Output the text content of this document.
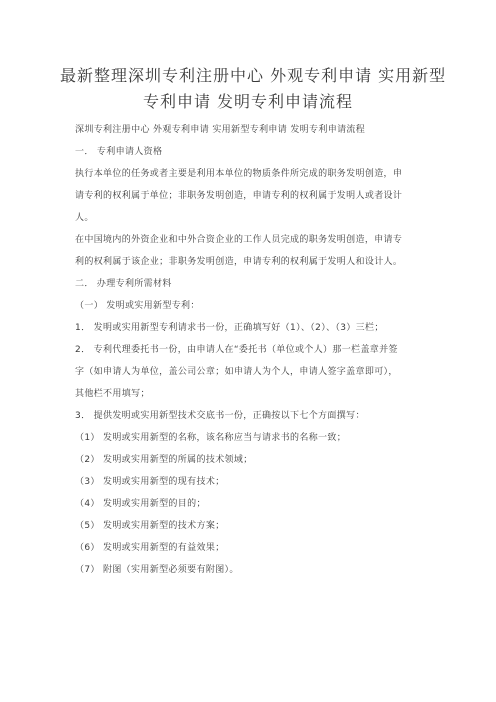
最新整理深圳专利注册中心 外观专利申请 实用新型
专利申请 发明专利申请流程
深圳专利注册中心 外观专利申请 实用新型专利申请 发明专利申请流程
一． 专利申请人资格
执行本单位的任务或者主要是利用本单位的物质条件所完成的职务发明创造，申
请专利的权利属于单位；非职务发明创造，申请专利的权利属于发明人或者设计
人。
在中国境内的外资企业和中外合资企业的工作人员完成的职务发明创造，申请专
利的权利属于该企业；非职务发明创造，申请专利的权利属于发明人和设计人。
二． 办理专利所需材料
（一） 发明或实用新型专利：
1． 发明或实用新型专利请求书一份，正确填写好（1）、（2）、（3）三栏；
2． 专利代理委托书一份，由申请人在“委托书（单位或个人）那一栏盖章并签
字（如申请人为单位，盖公司公章；如申请人为个人，申请人签字盖章即可），
其他栏不用填写；
3． 提供发明或实用新型技术交底书一份，正确按以下七个方面撰写：
（1） 发明或实用新型的名称，该名称应当与请求书的名称一致；
（2） 发明或实用新型的所属的技术领域；
（3） 发明或实用新型的现有技术；
（4） 发明或实用新型的目的；
（5） 发明或实用新型的技术方案；
（6） 发明或实用新型的有益效果；
（7） 附图（实用新型必须要有附图）。
